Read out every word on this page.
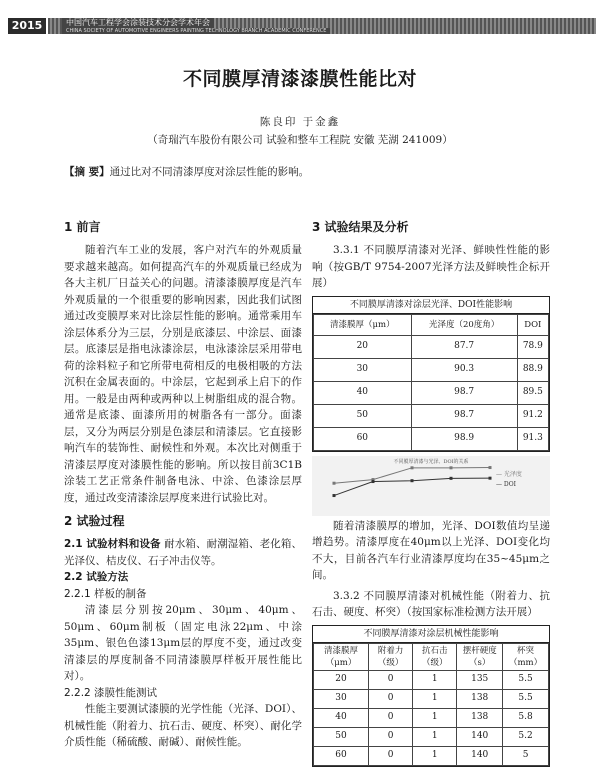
2015	中国汽车工程学会涂装技术分会学术年会
CHINA SOCIETY OF AUTOMOTIVE ENGINEERS PAINTING TECHNOLOGY BRANCH ACADEMIC CONFERENCE
不同膜厚清漆漆膜性能比对
陈良印 于金鑫
（奇瑞汽车股份有限公司 试验和整车工程院 安徽 芜湖 241009）
【摘 要】通过比对不同清漆厚度对涂层性能的影响。
1 前言

随着汽车工业的发展，客户对汽车的外观质量要求越来越高。如何提高汽车的外观质量已经成为各大主机厂日益关心的问题。清漆漆膜厚度是汽车外观质量的一个很重要的影响因素，因此我们试图通过改变膜厚来对比涂层性能的影响。通常乘用车涂层体系分为三层，分别是底漆层、中涂层、面漆层。底漆层是指电泳漆涂层，电泳漆涂层采用带电荷的涂料粒子和它所带电荷相反的电极相吸的方法沉积在金属表面的。中涂层，它起到承上启下的作用。一般是由两种或两种以上树脂组成的混合物。通常是底漆、面漆所用的树脂各有一部分。面漆层，又分为两层分别是色漆层和清漆层。它直接影响汽车的装饰性、耐候性和外观。本次比对侧重于清漆层厚度对漆膜性能的影响。所以按目前3C1B涂装工艺正常条件制备电泳、中涂、色漆涂层厚度，通过改变清漆涂层厚度来进行试验比对。

2 试验过程

2.1 试验材料和设备 耐水箱、耐潮湿箱、老化箱、光泽仪、桔皮仪、石子冲击仪等。

2.2 试验方法
2.2.1 样板的制备

清漆层分别按20μm、30μm、40μm、50μm、60μm制板（固定电泳22μm、中涂35μm、银色色漆13μm层的厚度不变，通过改变清漆层的厚度制备不同清漆膜厚样板开展性能比对）。

2.2.2 漆膜性能测试

性能主要测试漆膜的光学性能（光泽、DOI）、机械性能（附着力、抗石击、硬度、杯突）、耐化学介质性能（稀硫酸、耐碱）、耐候性能。

3 试验结果及分析

3.3.1 不同膜厚清漆对光泽、鲜映性性能的影响（按GB/T 9754-2007光泽方法及鲜映性企标开展）

不同膜厚清漆对涂层光泽、DOI性能影响
清漆膜厚（μm）	光泽度（20度角）	DOI
20	87.7	78.9
30	90.3	88.9
40	98.7	89.5
50	98.7	91.2
60	98.9	91.3
不同膜厚清漆与光泽、DOI的关系
— 光泽度
— DOI

随着清漆膜厚的增加，光泽、DOI数值均呈递增趋势。清漆厚度在40μm以上光泽、DOI变化均不大，目前各汽车行业清漆厚度均在35~45μm之间。

3.3.2 不同膜厚清漆对机械性能（附着力、抗石击、硬度、杯突）（按国家标准检测方法开展）

不同膜厚清漆对涂层机械性能影响
清漆膜厚（μm）	附着力（级）	抗石击（级）	摆杆硬度（s）	杯突（mm）
20	0	1	135	5.5
30	0	1	138	5.5
40	0	1	138	5.8
50	0	1	140	5.2
60	0	1	140	5
